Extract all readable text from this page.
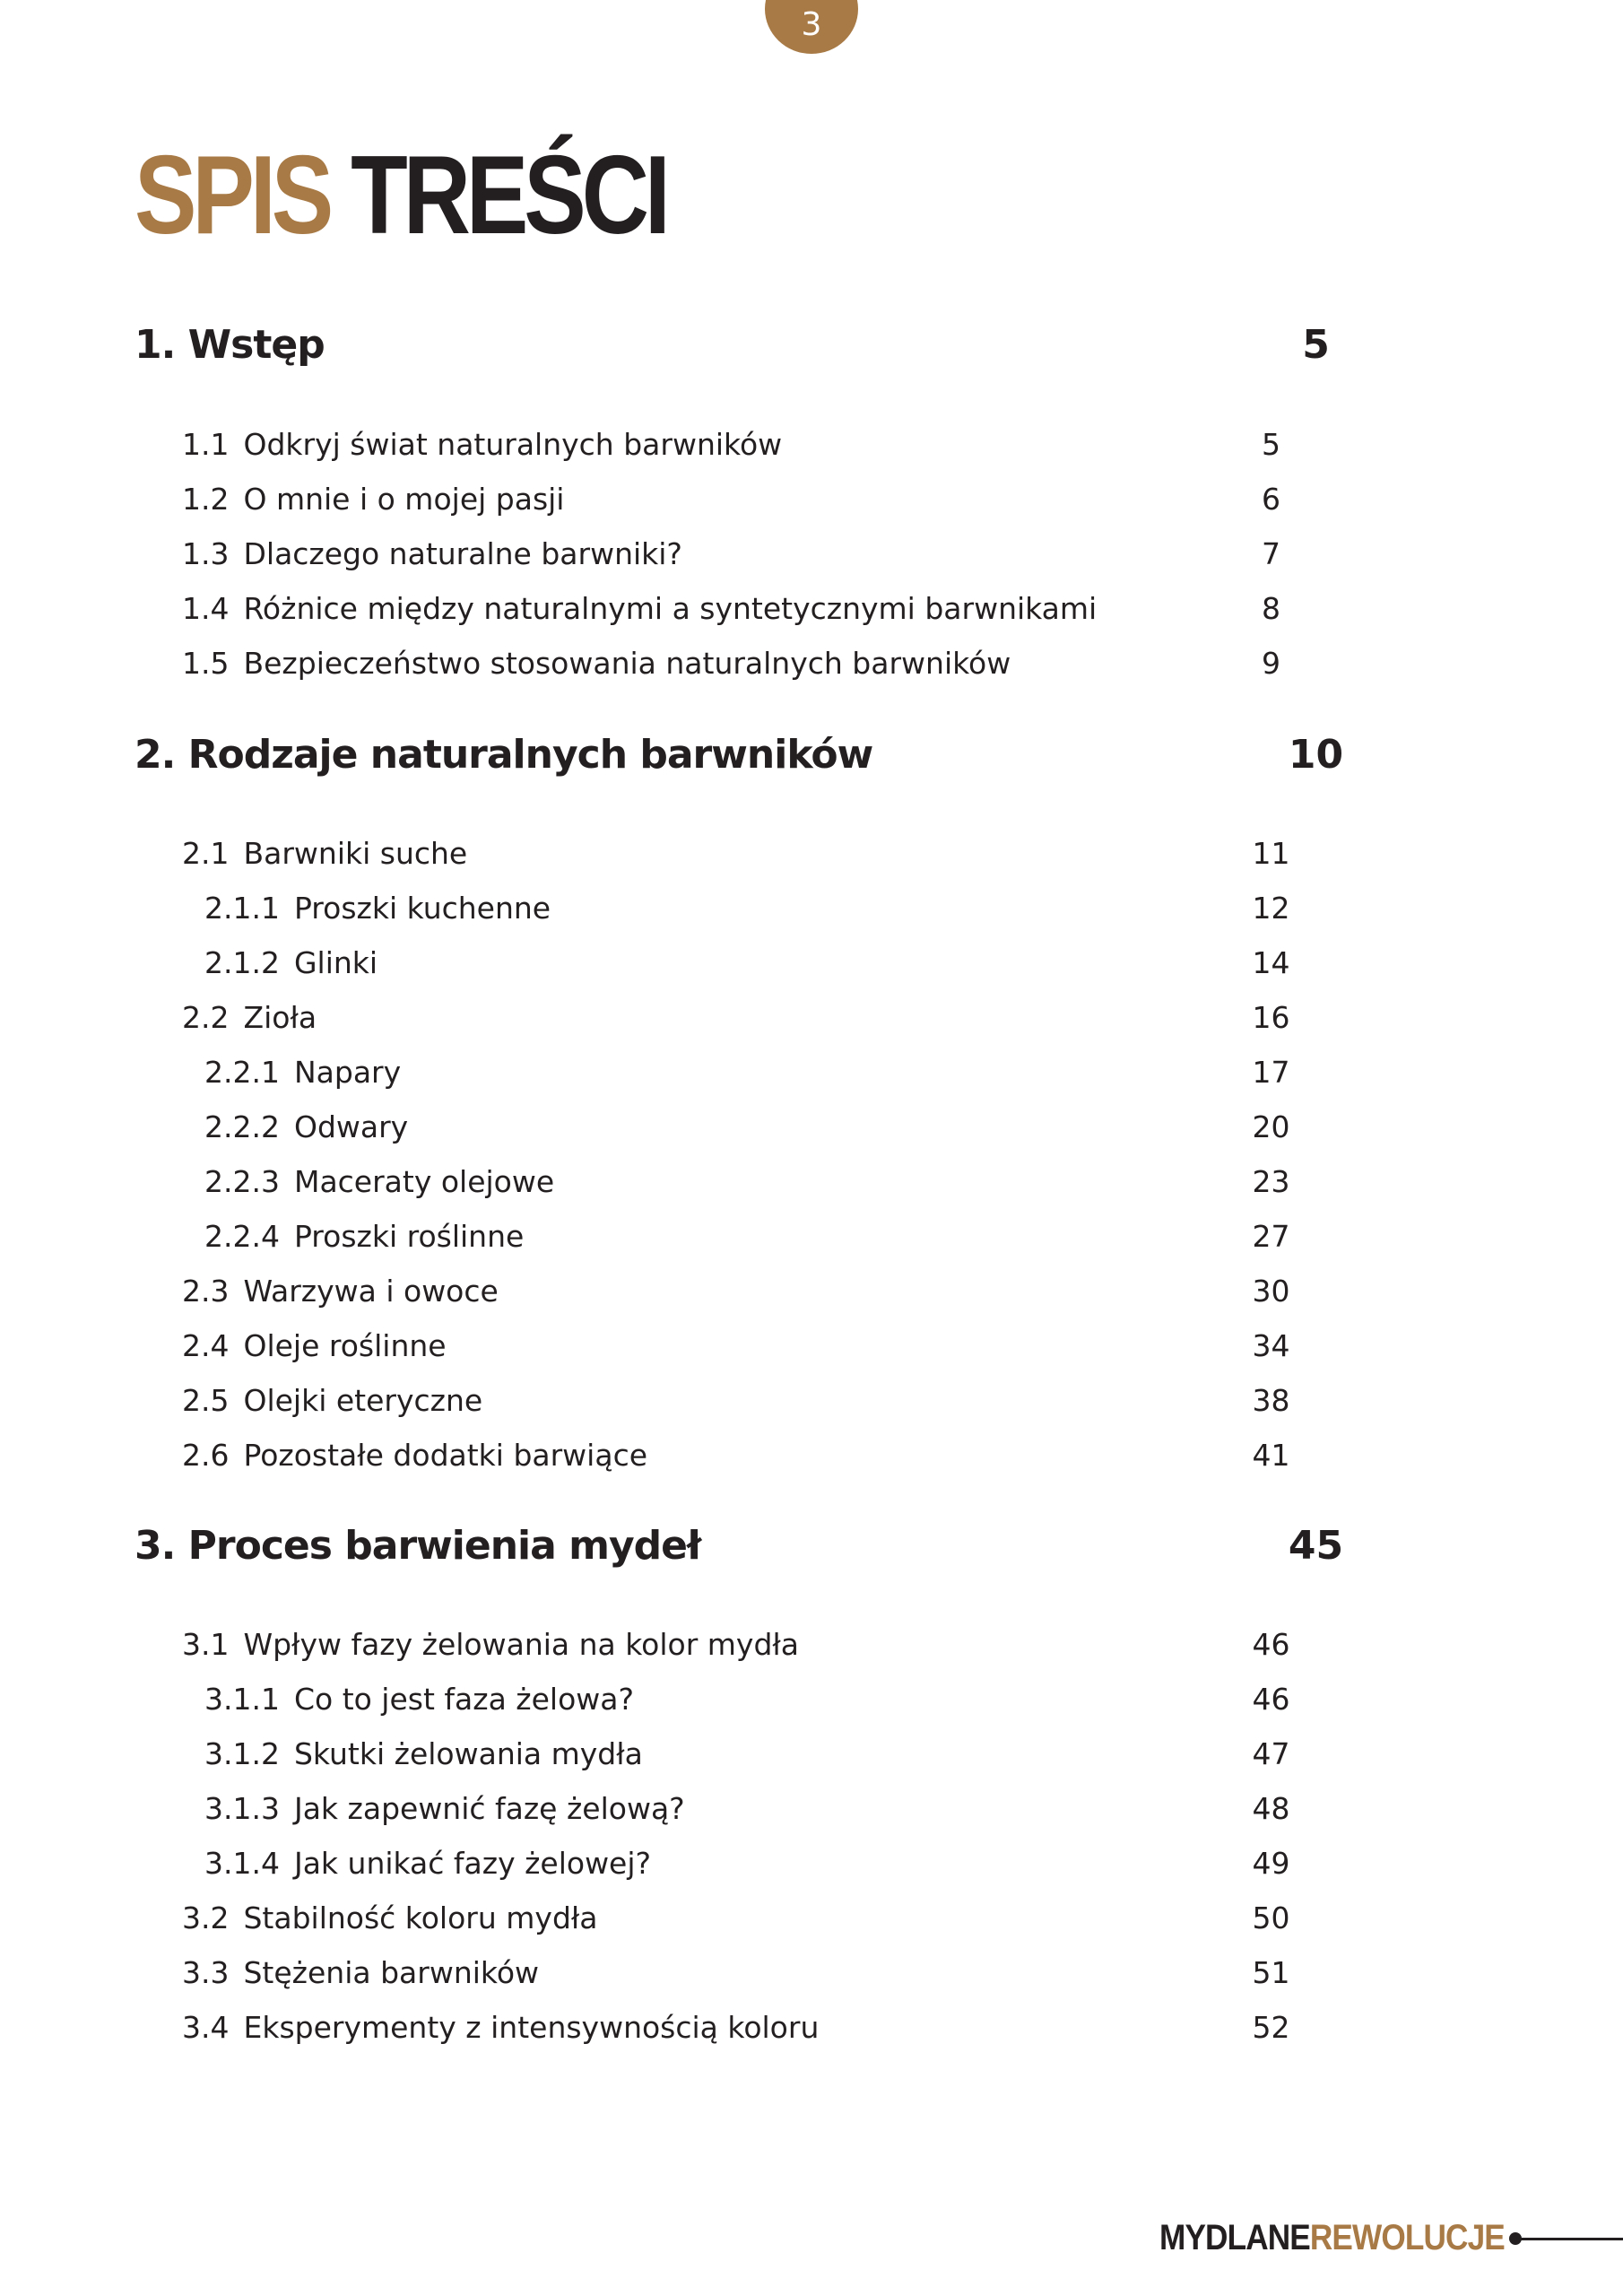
3
SPIS TREŚCI
1. Wstęp	5
1.1 Odkryj świat naturalnych barwników	5
1.2 O mnie i o mojej pasji	6
1.3 Dlaczego naturalne barwniki?	7
1.4 Różnice między naturalnymi a syntetycznymi barwnikami	8
1.5 Bezpieczeństwo stosowania naturalnych barwników	9
2. Rodzaje naturalnych barwników	10
2.1 Barwniki suche	11
2.1.1 Proszki kuchenne	12
2.1.2 Glinki	14
2.2 Zioła	16
2.2.1 Napary	17
2.2.2 Odwary	20
2.2.3 Maceraty olejowe	23
2.2.4 Proszki roślinne	27
2.3 Warzywa i owoce	30
2.4 Oleje roślinne	34
2.5 Olejki eteryczne	38
2.6 Pozostałe dodatki barwiące	41
3. Proces barwienia mydeł	45
3.1 Wpływ fazy żelowania na kolor mydła	46
3.1.1 Co to jest faza żelowa?	46
3.1.2 Skutki żelowania mydła	47
3.1.3 Jak zapewnić fazę żelową?	48
3.1.4 Jak unikać fazy żelowej?	49
3.2 Stabilność koloru mydła	50
3.3 Stężenia barwników	51
3.4 Eksperymenty z intensywnością koloru	52
MYDLANE REWOLUCJE
